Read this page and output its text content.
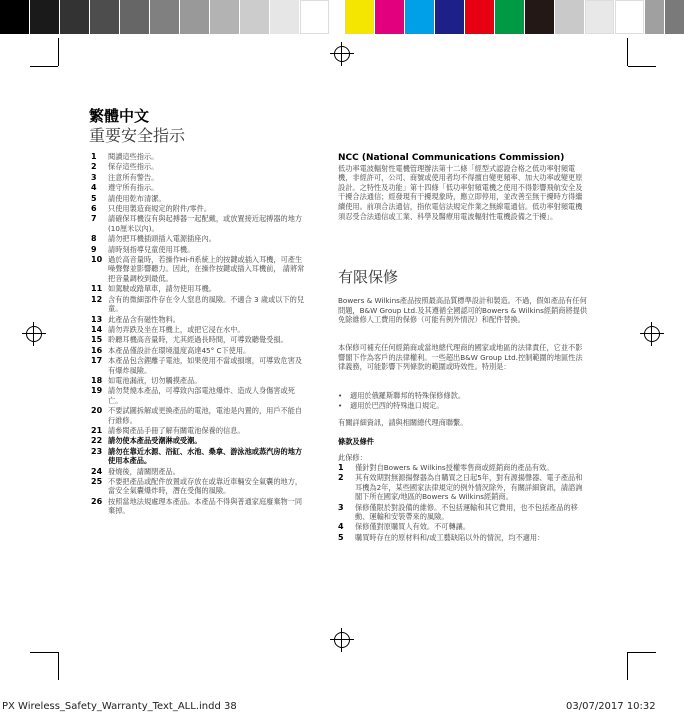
繁體中文
重要安全指示
1 閱讀這些指示。
2 保存這些指示。
3 注意所有警告。
4 遵守所有指示。
5 請使用乾布清潔。
6 只使用製造商規定的附件/零件。
7 請確保耳機沒有與起搏器一起配戴，或放置接近起搏器的地方 (10厘米以內)。
8 請勿把耳機插頭插入電源插座內。
9 請時刻指導兒童使用耳機。
10 過於高音量時，若操作Hi-fi系統上的按鍵或插入耳機，可產生噪聲聲並影響聽力。因此，在操作按鍵或插入耳機前， 請將常把音量調校到最低。
11 如駕駛或踏單車，請勿使用耳機。
12 含有的微細部件存在令人窒息的風險。不適合 3 歲或以下的兒童。
13 此產品含有磁性物料。
14 請勿弄跌及坐在耳機上，或把它浸在水中。
15 聆聽耳機高音量時，尤其經過長時間，可導致聽覺受損。
16 本產品僅設計在環境溫度高達45° C下使用。
17 本產品包含鋰離子電池，如果使用不當或損壞，可導致危害及有爆炸風險。
18 如電池漏液，切勿觸摸產品。
19 請勿焚燒本產品，可導致內部電池爆炸、造成人身傷害或死亡。
20 不要試圖拆解或更換產品的電池，電池是內置的，用戶不能自行維修。
21 請參閱產品手冊了解有關電池保養的信息。
22 請勿使本產品受潮淋或受潮。
23 請勿在靠近水源、浴缸、水池、桑拿、游泳池或蒸汽房的地方使用本產品。
24 發燒後，請關閉產品。
25 不要把產品或配件放置或存放在或靠近車輛安全氣囊的地方，當安全氣囊爆炸時，潛在受傷的風險。
26 按照當地法規處理本產品。本產品不得與普通家庭廢棄物一同棄掉。
NCC (National Communications Commission)
低功率電波輻射性電機管理辦法第十二條「經型式認證合格之低功率射頻電機，非經許可，公司、商號或使用者均不得擅自變更頻率、加大功率或變更原設計。之特性及功能」第十四條「低功率射頻電機之使用不得影響飛航安全及干擾合法通信；經發現有干擾現象時，應立即停用，並改善至無干擾時方得繼續使用。前項合法通信，指依電信法規定作業之無線電通信。低功率射頻電機須忍受合法通信或工業、科學及醫療用電波輻射性電機設備之干擾」。
有限保修
Bowers & Wilkins產品按照最高品質標準設計和製造。不過，假如產品有任何問題，B&W Group Ltd.及其遵循全國認可的Bowers & Wilkins經銷商將提供免除維修人工費用的保修（可能有例外情況）和配件替換。
本保修可補充任何經銷商或當地總代理商的國家或地區的法律責任，它並不影響閣下作為客戶的法律權利。一些超出B&W Group Ltd.控制範圍的地區性法律義務，可能影響下列條款的範圍或時效性。特別是：
• 適用於俄羅斯聯邦的特殊保修條款。
• 適用於巴西的特殊進口規定。
有關詳細資訊，請與相關總代理商聯繫。
條款及條件
此保修：
1 僅針對自Bowers & Wilkins授權零售商或經銷商的產品有效。
2 其有效期對無源揚聲器為自購買之日起5年，對有源揚聲器、電子產品和耳機為2年，某些國家法律規定的例外情況除外，有關詳細資訊，請諮詢閣下所在國家/地區的Bowers & Wilkins經銷商。
3 保修僅限於對設備的維修。不包括運輸和其它費用，也不包括產品的移動、運輸和安裝帶來的風險。
4 保修僅對原購買人有效。不可轉讓。
5 購買時存在的原材料和/或工藝缺陷以外的情況，均不適用：
PX Wireless_Safety_Warranty_Text_ALL.indd 38	03/07/2017 10:32
